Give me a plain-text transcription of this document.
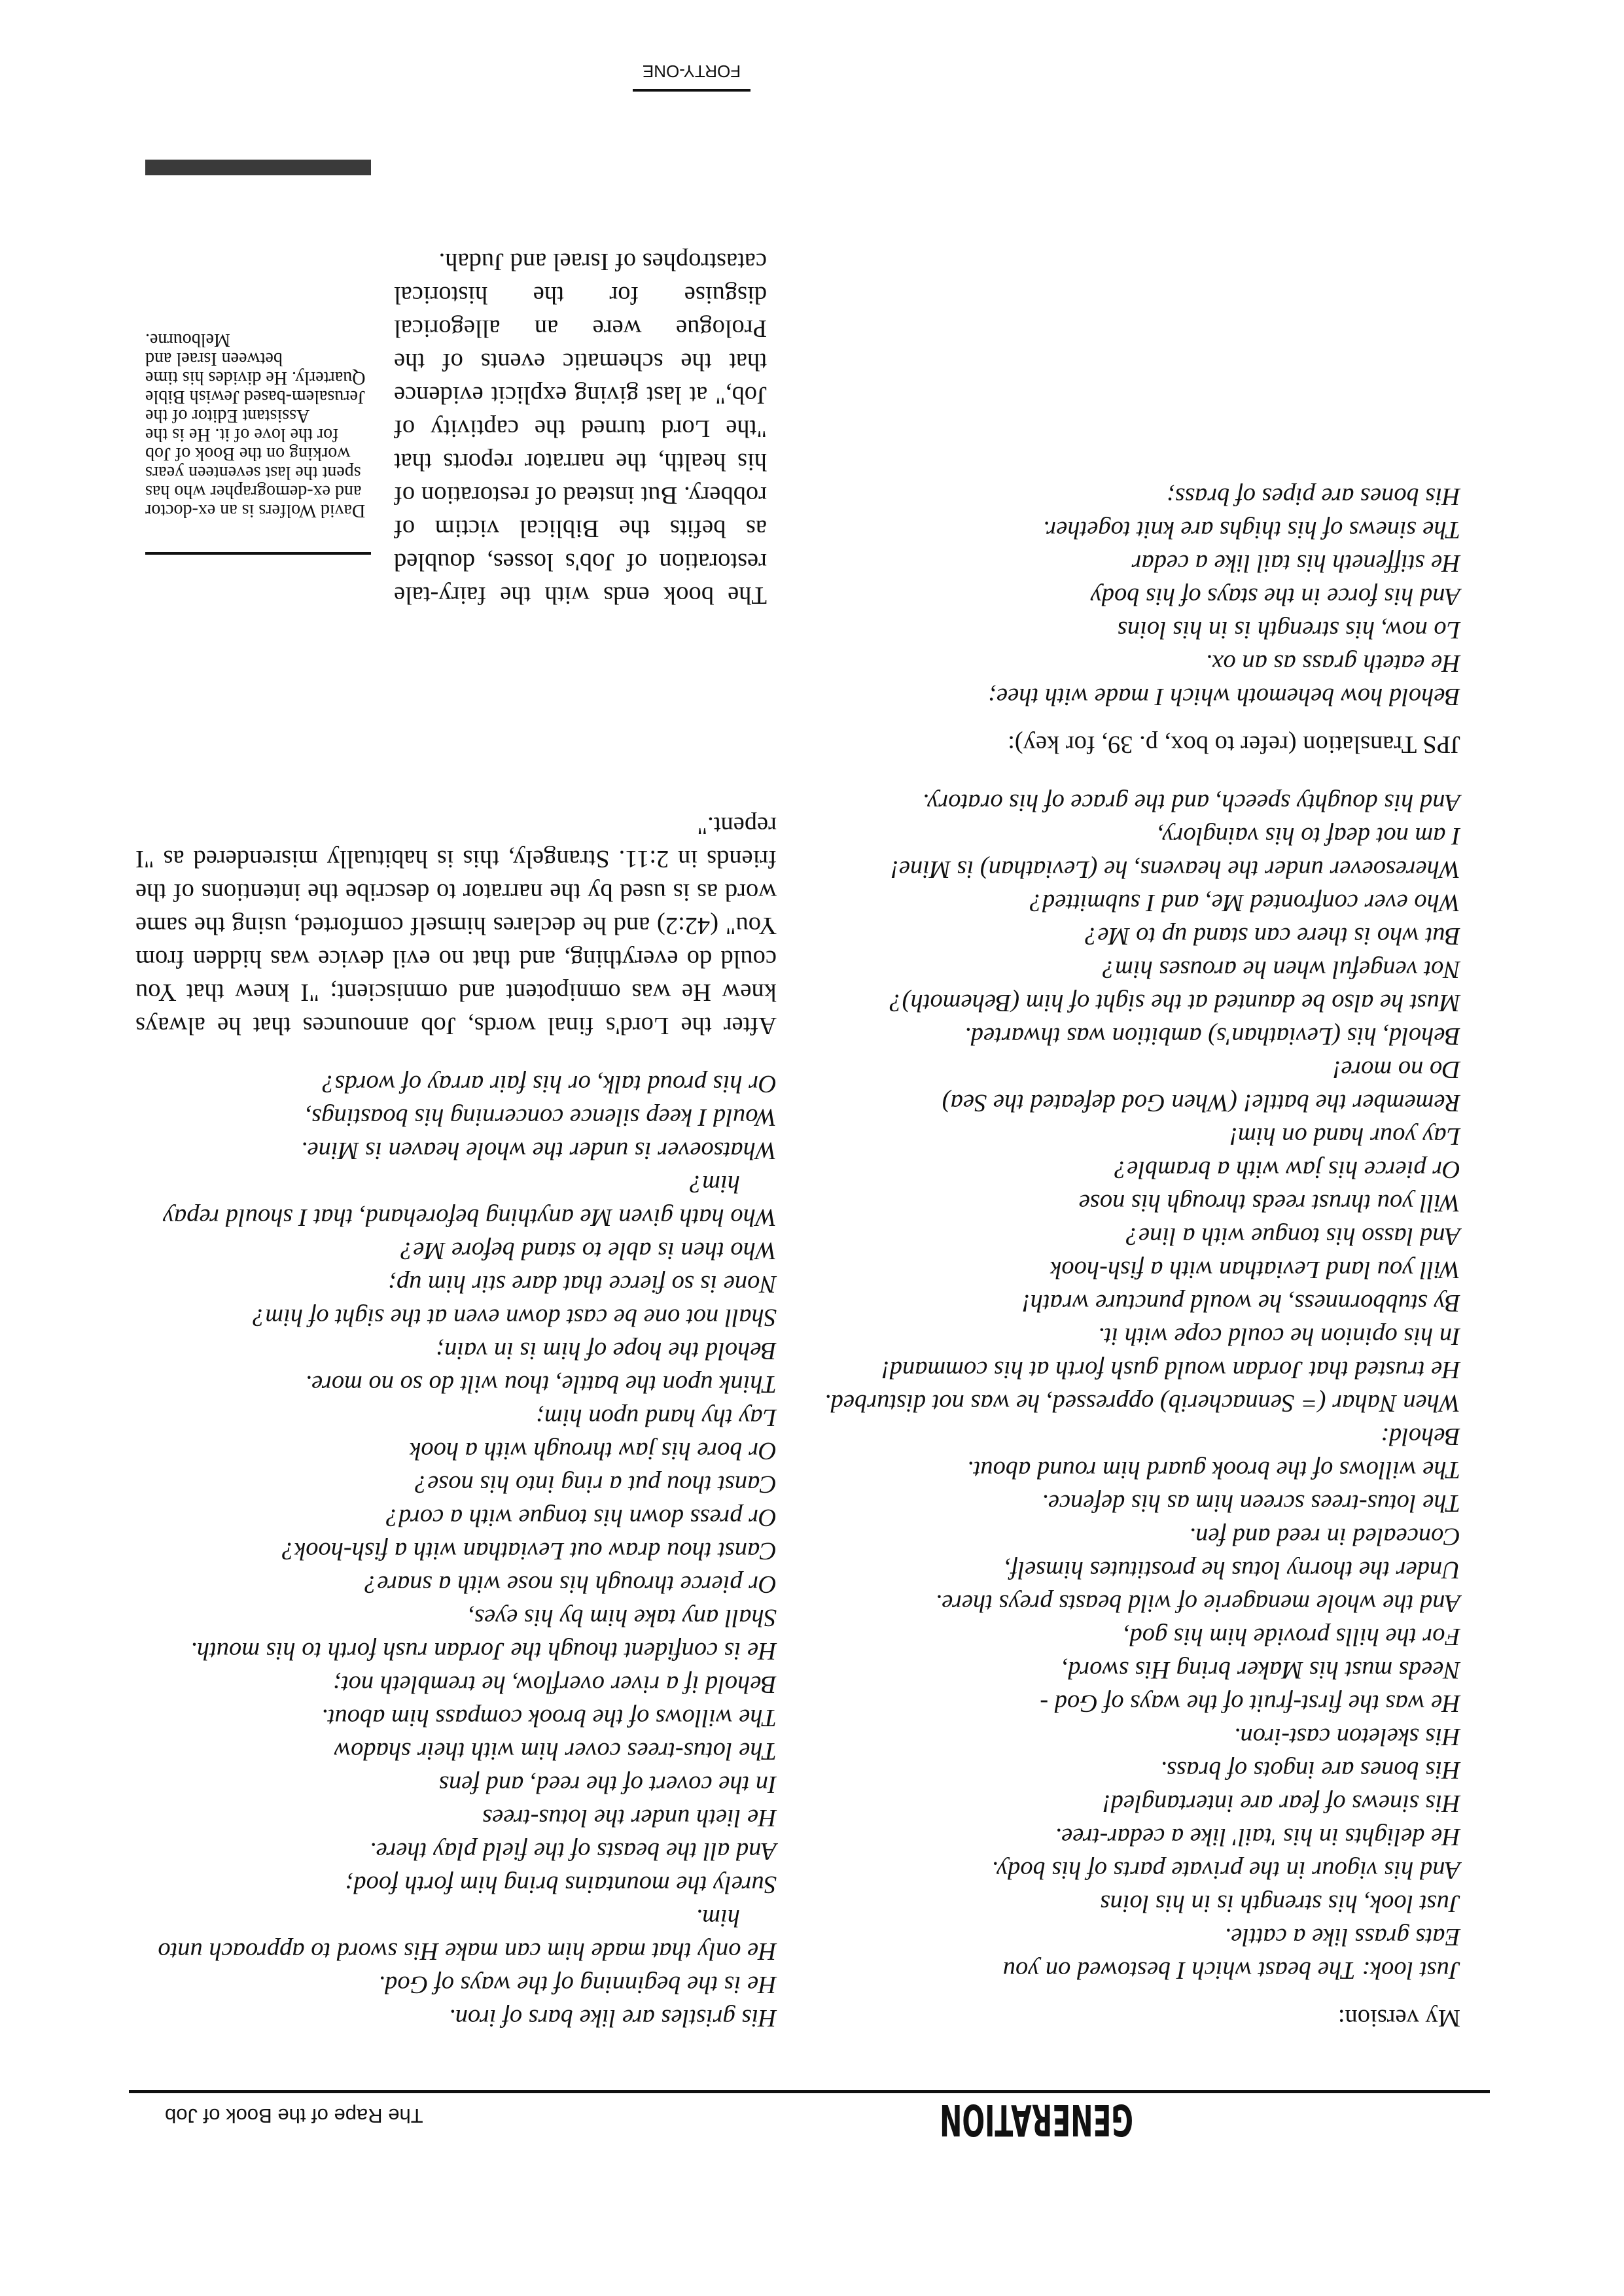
GENERATION
The Rape of the Book of Job
My version:
Just look: The beast which I bestowed on you
Eats grass like a cattle.
Just look, his strength is in his loins
And his vigour in the private parts of his body.
He delights in his 'tail' like a cedar-tree.
His sinews of fear are intertangled!
His bones are ingots of brass.
His skeleton cast-iron.
He was the first-fruit of the ways of God -
Needs must his Maker bring His sword,
For the hills provide him his god,
And the whole menagerie of wild beasts preys there.
Under the thorny lotus he prostitutes himself,
Concealed in reed and fen.
The lotus-trees screen him as his defence.
The willows of the brook guard him round about.
Behold:
When Nahar (= Sennacherib) oppressed, he was not disturbed.
He trusted that Jordan would gush forth at his command!
In his opinion he could cope with it.
By stubbornness, he would puncture wrath!
Will you land Leviathan with a fish-hook
And lasso his tongue with a line?
Will you thrust reeds through his nose
Or pierce his jaw with a bramble?
Lay your hand on him!
Remember the battle! (When God defeated the Sea)
Do no more!
Behold, his (Leviathan's) ambition was thwarted.
Must he also be daunted at the sight of him (Behemoth)?
Not vengeful when he arouses him?
But who is there can stand up to Me?
Who ever confronted Me, and I submitted?
Wheresoever under the heavens, he (Leviathan) is Mine!
I am not deaf to his vainglory,
And his doughty speech, and the grace of his oratory.
JPS Translation (refer to box, p. 39, for key):
Behold how behemoth which I made with thee;
He eateth grass as an ox.
Lo now, his strength is in his loins
And his force in the stays of his body
He stiffeneth his tail like a cedar
The sinews of his thighs are knit together.
His bones are pipes of brass;
His gristles are like bars of iron.
He is the beginning of the ways of God.
He only that made him can make His sword to approach unto him.
Surely the mountains bring him forth food;
And all the beasts of the field play there.
He lieth under the lotus-trees
In the covert of the reed, and fens
The lotus-trees cover him with their shadow
The willows of the brook compass him about.
Behold if a river overflow, he trembleth not;
He is confident though the Jordan rush forth to his mouth.
Shall any take him by his eyes,
Or pierce through his nose with a snare?
Canst thou draw out Leviathan with a fish-hook?
Or press down his tongue with a cord?
Canst thou put a ring into his nose?
Or bore his jaw through with a hook
Lay thy hand upon him;
Think upon the battle, thou wilt do so no more.
Behold the hope of him is in vain;
Shall not one be cast down even at the sight of him?
None is so fierce that dare stir him up;
Who then is able to stand before Me?
Who hath given Me anything beforehand, that I should repay him?
Whatsoever is under the whole heaven is Mine.
Would I keep silence concerning his boastings,
Or his proud talk, or his fair array of words?

After the Lord's final words, Job announces that he always knew He was omnipotent and omniscient; "I knew that You could do everything, and that no evil device was hidden from You" (42:2) and he declares himself comforted, using the same word as is used by the narrator to describe the intentions of the friends in 2:11. Strangely, this is habitually misrendered as "I repent."

The book ends with the fairy-tale restoration of Job's losses, doubled as befits the Biblical victim of robbery. But instead of restoration of his health, the narrator reports that "the Lord turned the captivity of Job," at last giving explicit evidence that the schematic events of the Prologue were an allegorical disguise for the historical catastrophes of Israel and Judah.

David Wolfers is an ex-doctor and ex-demographer who has spent the last seventeen years working on the Book of Job for the love of it. He is the Assistant Editor of the Jerusalem-based Jewish Bible Quarterly. He divides his time between Israel and Melbourne.
FORTY-ONE
